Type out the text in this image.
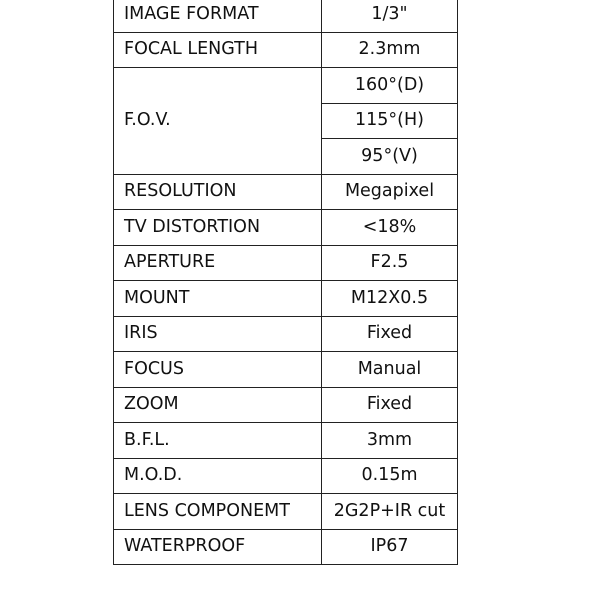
IMAGE FORMAT	1/3"
FOCAL LENGTH	2.3mm
F.O.V.	160°(D)
	115°(H)
	95°(V)
RESOLUTION	Megapixel
TV DISTORTION	<18%
APERTURE	F2.5
MOUNT	M12X0.5
IRIS	Fixed
FOCUS	Manual
ZOOM	Fixed
B.F.L.	3mm
M.O.D.	0.15m
LENS COMPONEMT	2G2P+IR cut
WATERPROOF	IP67
